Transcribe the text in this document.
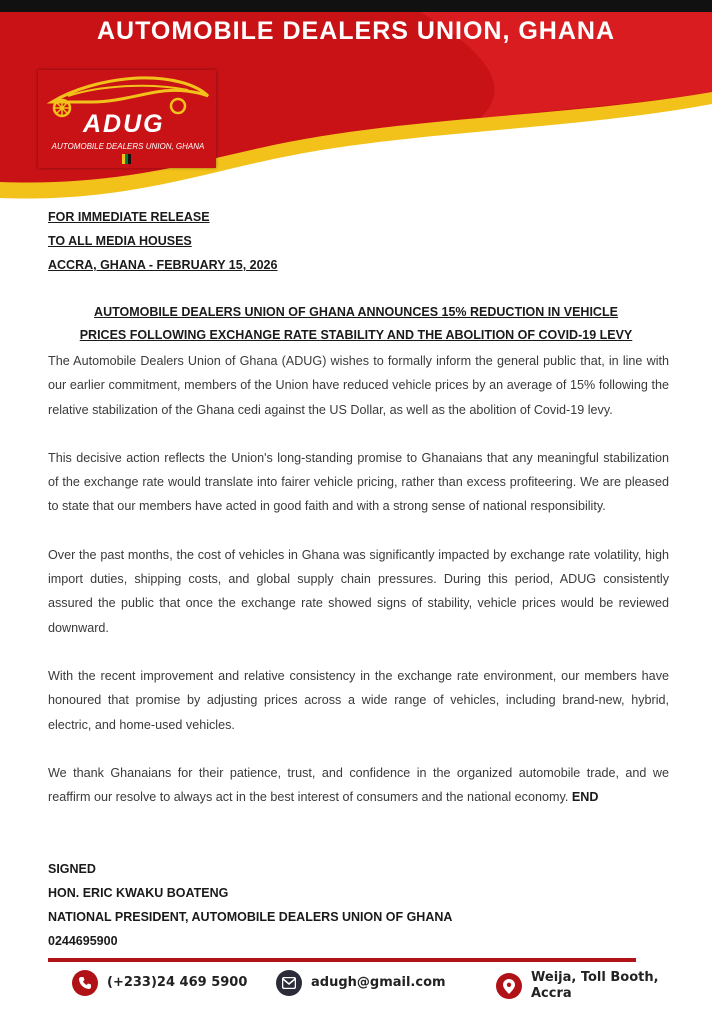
AUTOMOBILE DEALERS UNION, GHANA
ADUG
AUTOMOBILE DEALERS UNION, GHANA
FOR IMMEDIATE RELEASE
TO ALL MEDIA HOUSES
ACCRA, GHANA - FEBRUARY 15, 2026
AUTOMOBILE DEALERS UNION OF GHANA ANNOUNCES 15% REDUCTION IN VEHICLE
PRICES FOLLOWING EXCHANGE RATE STABILITY AND THE ABOLITION OF COVID-19 LEVY

The Automobile Dealers Union of Ghana (ADUG) wishes to formally inform the general public that, in line with our earlier commitment, members of the Union have reduced vehicle prices by an average of 15% following the relative stabilization of the Ghana cedi against the US Dollar, as well as the abolition of Covid-19 levy.

This decisive action reflects the Union's long-standing promise to Ghanaians that any meaningful stabilization of the exchange rate would translate into fairer vehicle pricing, rather than excess profiteering. We are pleased to state that our members have acted in good faith and with a strong sense of national responsibility.

Over the past months, the cost of vehicles in Ghana was significantly impacted by exchange rate volatility, high import duties, shipping costs, and global supply chain pressures. During this period, ADUG consistently assured the public that once the exchange rate showed signs of stability, vehicle prices would be reviewed downward.

With the recent improvement and relative consistency in the exchange rate environment, our members have honoured that promise by adjusting prices across a wide range of vehicles, including brand-new, hybrid, electric, and home-used vehicles.

We thank Ghanaians for their patience, trust, and confidence in the organized automobile trade, and we reaffirm our resolve to always act in the best interest of consumers and the national economy. END

SIGNED
HON. ERIC KWAKU BOATENG
NATIONAL PRESIDENT, AUTOMOBILE DEALERS UNION OF GHANA
0244695900
(+233)24 469 5900	adugh@gmail.com	Weija, Toll Booth,
Accra
